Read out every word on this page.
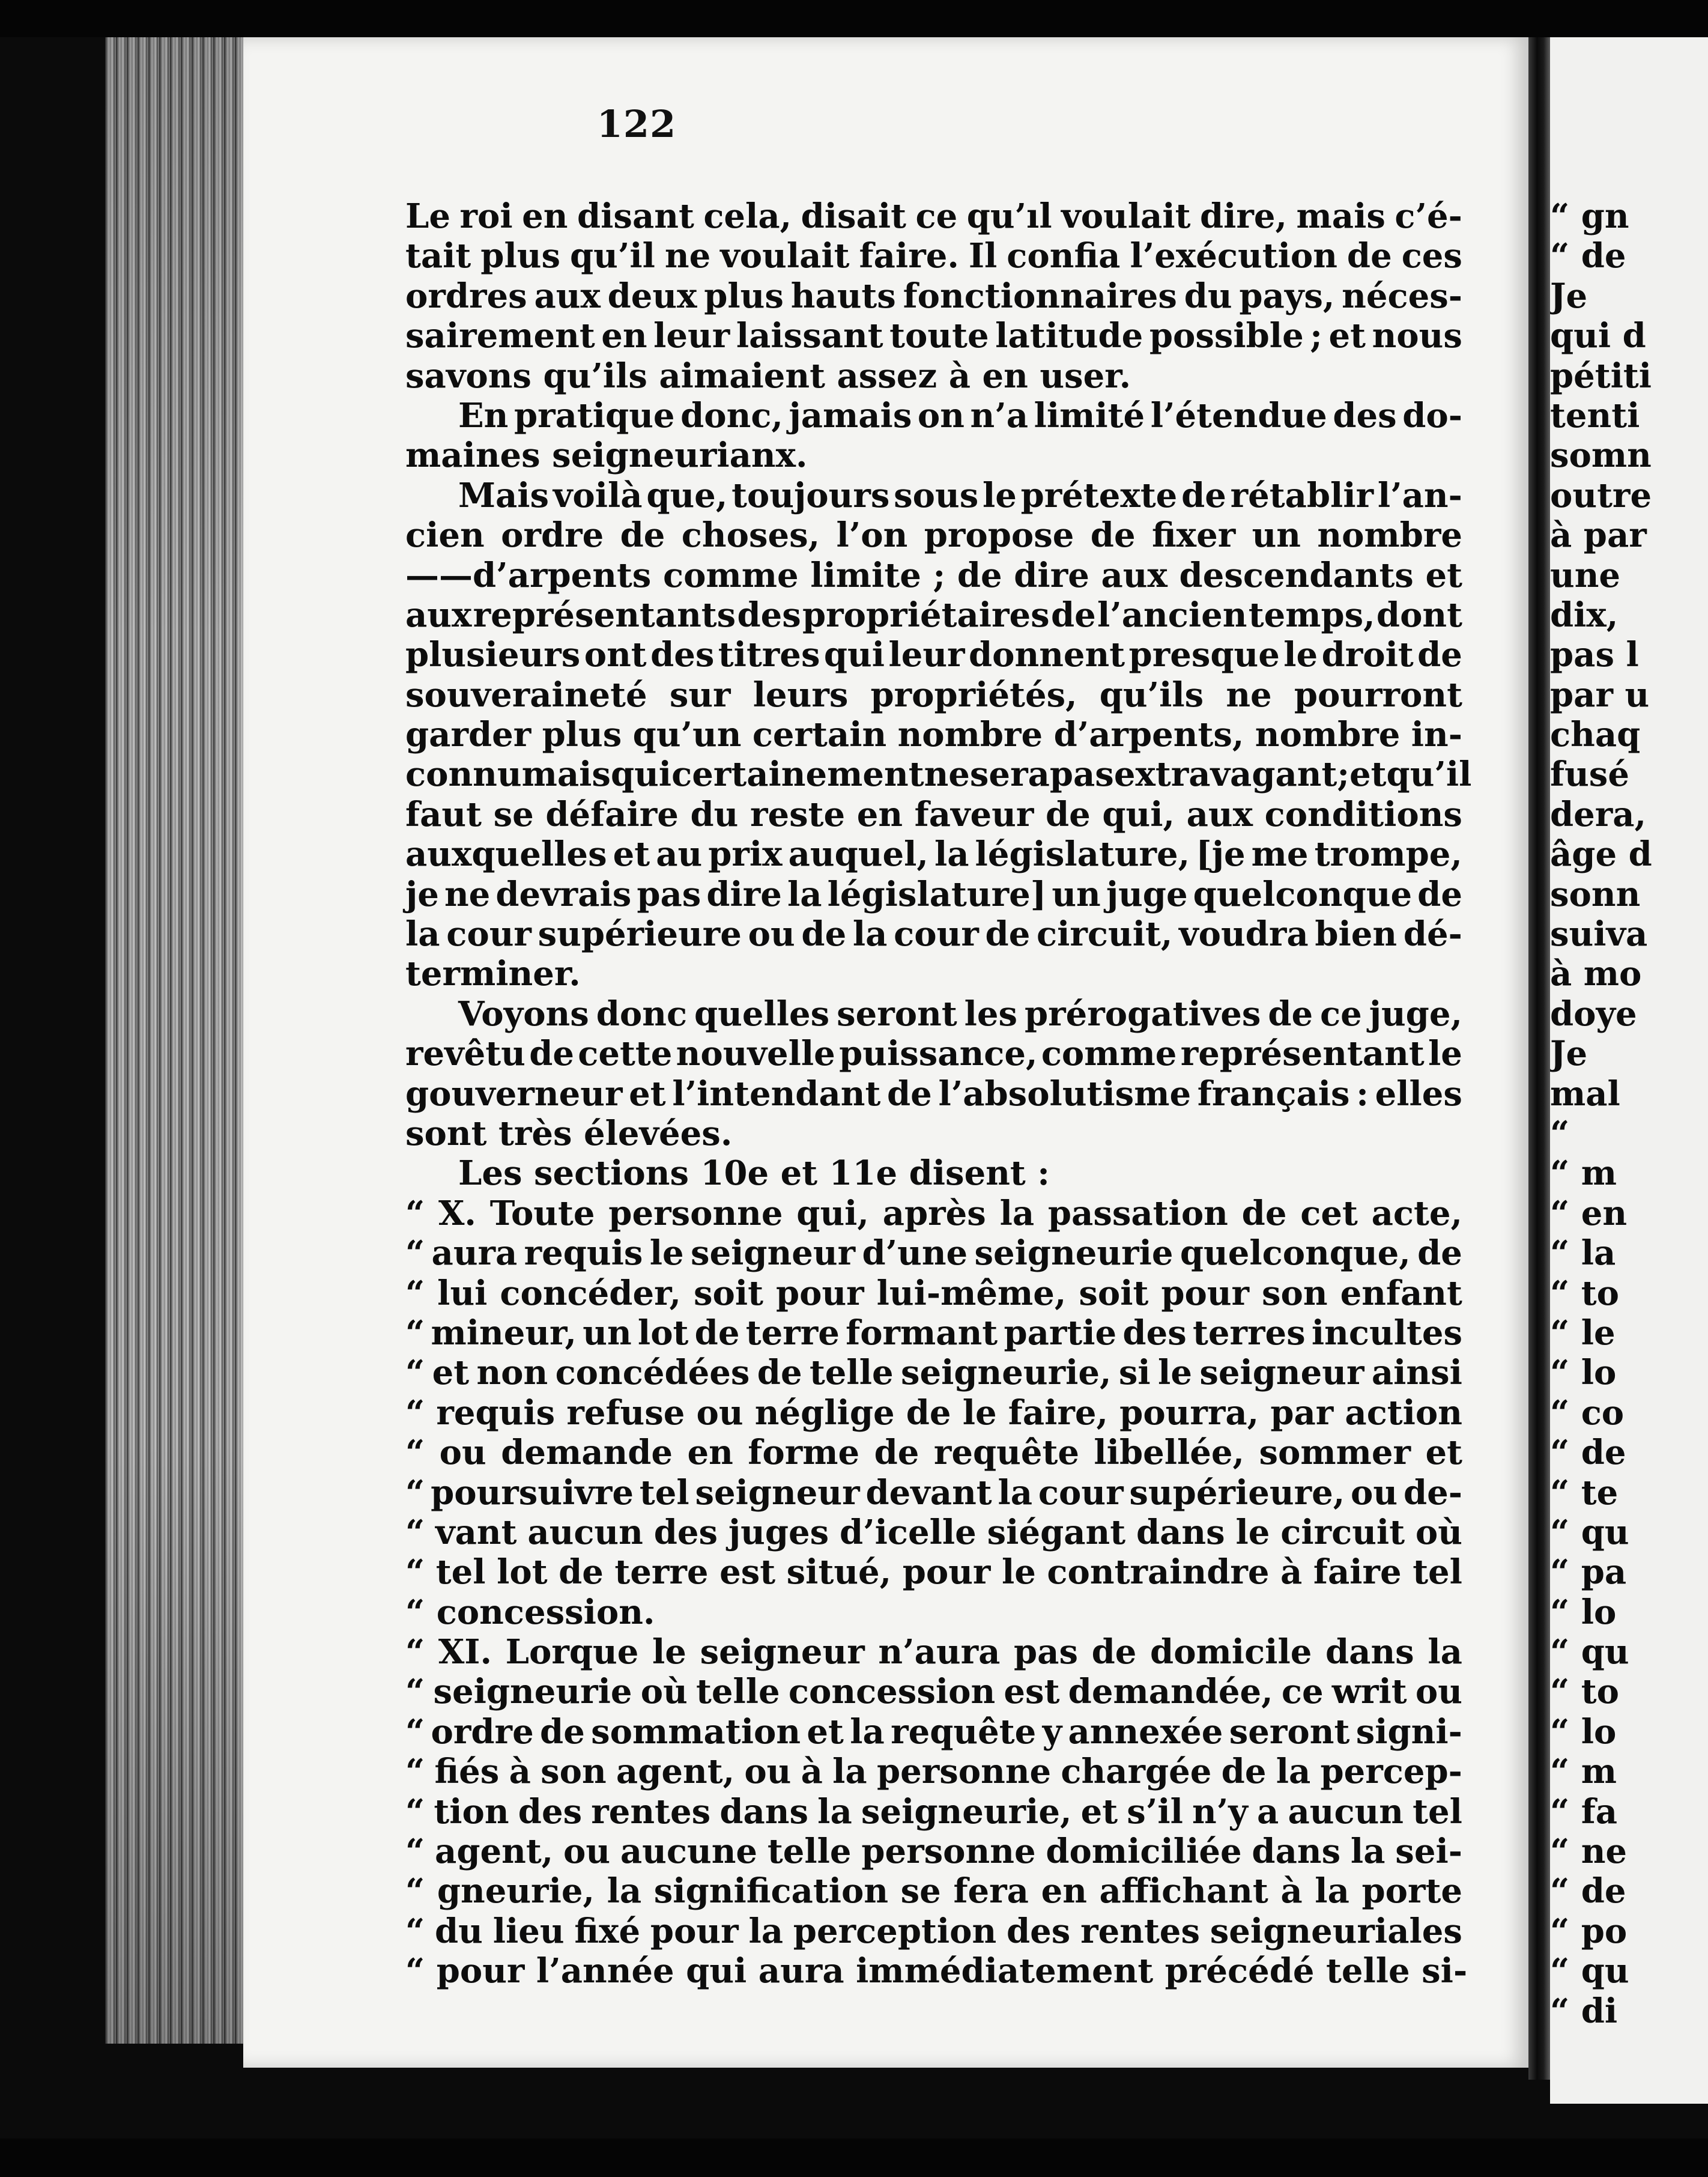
122
Le roi en disant cela, disait ce qu’ıl voulait dire, mais c’é-
tait plus qu’il ne voulait faire. Il confia l’exécution de ces
ordres aux deux plus hauts fonctionnaires du pays, néces-
sairement en leur laissant toute latitude possible ; et nous
savons qu’ils aimaient assez à en user.
En pratique donc, jamais on n’a limité l’étendue des do-
maines seigneurianx.
Mais voilà que, toujours sous le prétexte de rétablir l’an-
cien ordre de choses, l’on propose de fixer un nombre
——d’arpents comme limite ; de dire aux descendants et
aux représentants des propriétaires de l’ancien temps, dont
plusieurs ont des titres qui leur donnent presque le droit de
souveraineté sur leurs propriétés, qu’ils ne pourront
garder plus qu’un certain nombre d’arpents, nombre in-
connu mais qui certainement ne sera pas extravagant ; et qu’il
faut se défaire du reste en faveur de qui, aux conditions
auxquelles et au prix auquel, la législature, [je me trompe,
je ne devrais pas dire la législature] un juge quelconque de
la cour supérieure ou de la cour de circuit, voudra bien dé-
terminer.
Voyons donc quelles seront les prérogatives de ce juge,
revêtu de cette nouvelle puissance, comme représentant le
gouverneur et l’intendant de l’absolutisme français : elles
sont très élevées.
Les sections 10e et 11e disent :
“ X. Toute personne qui, après la passation de cet acte,
“ aura requis le seigneur d’une seigneurie quelconque, de
“ lui concéder, soit pour lui-même, soit pour son enfant
“ mineur, un lot de terre formant partie des terres incultes
“ et non concédées de telle seigneurie, si le seigneur ainsi
“ requis refuse ou néglige de le faire, pourra, par action
“ ou demande en forme de requête libellée, sommer et
“ poursuivre tel seigneur devant la cour supérieure, ou de-
“ vant aucun des juges d’icelle siégant dans le circuit où
“ tel lot de terre est situé, pour le contraindre à faire tel
“ concession.
“ XI. Lorque le seigneur n’aura pas de domicile dans la
“ seigneurie où telle concession est demandée, ce writ ou
“ ordre de sommation et la requête y annexée seront signi-
“ fiés à son agent, ou à la personne chargée de la percep-
“ tion des rentes dans la seigneurie, et s’il n’y a aucun tel
“ agent, ou aucune telle personne domiciliée dans la sei-
“ gneurie, la signification se fera en affichant à la porte
“ du lieu fixé pour la perception des rentes seigneuriales
“ pour l’année qui aura immédiatement précédé telle si-
“ gn
“ de
Je
qui d
pétiti
tenti
somn
outre
à par
une
dix,
pas l
par u
chaq
fusé
dera,
âge d
sonn
suiva
à mo
doye
Je
mal
“
“ m
“ en
“ la
“ to
“ le
“ lo
“ co
“ de
“ te
“ qu
“ pa
“ lo
“ qu
“ to
“ lo
“ m
“ fa
“ ne
“ de
“ po
“ qu
“ di
